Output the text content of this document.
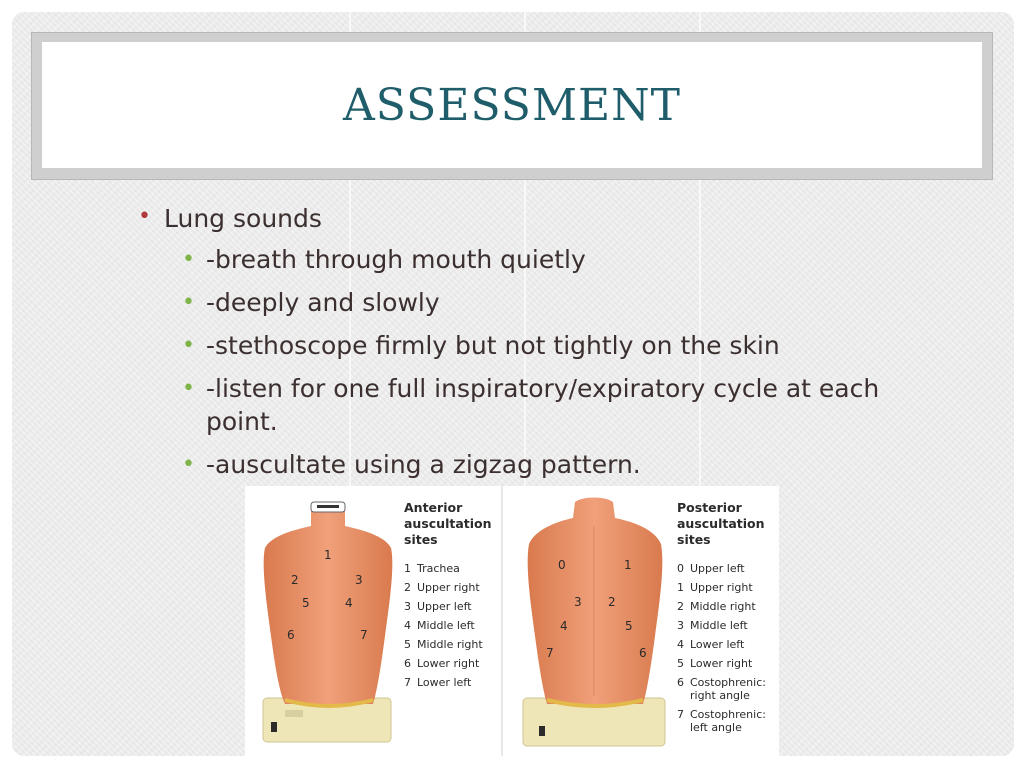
ASSESSMENT
• Lung sounds
• -breath through mouth quietly
• -deeply and slowly
• -stethoscope firmly but not tightly on the skin
• -listen for one full inspiratory/expiratory cycle at each point.
• -auscultate using a zigzag pattern.
1
2	3
4
5
6	7
Anterior
auscultation
sites
1 Trachea
2 Upper right
3 Upper left
4 Middle left
5 Middle right
6 Lower right
7 Lower left
0	1
2
3
4	5
6
7
Posterior
auscultation
sites
0 Upper left
1 Upper right
2 Middle right
3 Middle left
4 Lower left
5 Lower right
6 Costophrenic:
right angle
7 Costophrenic:
left angle
